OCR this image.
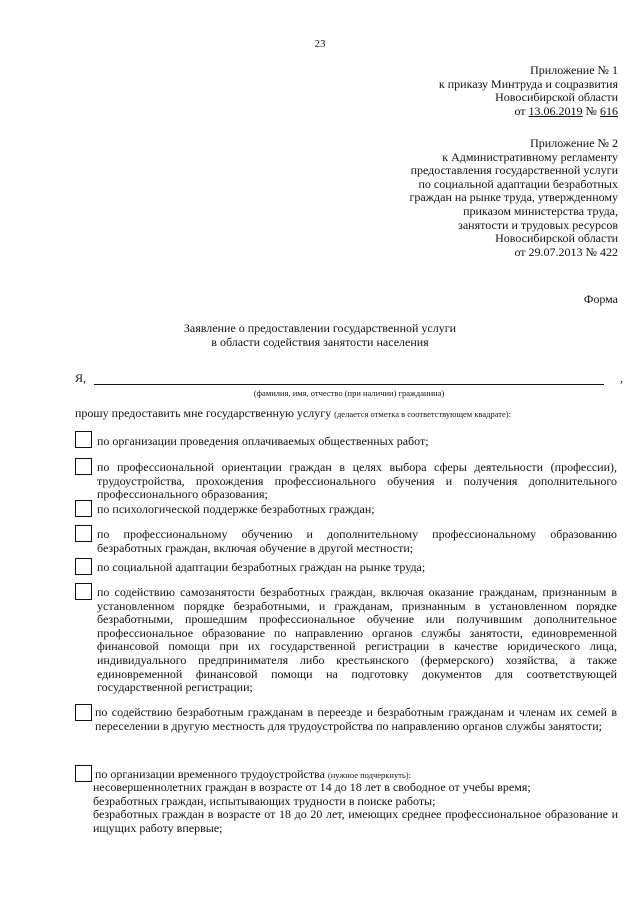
23
Приложение № 1
к приказу Минтруда и соцразвития
Новосибирской области
от 13.06.2019 № 616
Приложение № 2
к Административному регламенту
предоставления государственной услуги
по социальной адаптации безработных
граждан на рынке труда, утвержденному
приказом министерства труда,
занятости и трудовых ресурсов
Новосибирской области
от 29.07.2013 № 422
Форма
Заявление о предоставлении государственной услуги
в области содействия занятости населения
Я,	,
(фамилия, имя, отчество (при наличии) гражданина)
прошу предоставить мне государственную услугу (делается отметка в соответствующем квадрате):
по организации проведения оплачиваемых общественных работ;
по профессиональной ориентации граждан в целях выбора сферы деятельности (профессии), трудоустройства, прохождения профессионального обучения и получения дополнительного профессионального образования;
по психологической поддержке безработных граждан;
по профессиональному обучению и дополнительному профессиональному образованию безработных граждан, включая обучение в другой местности;
по социальной адаптации безработных граждан на рынке труда;
по содействию самозанятости безработных граждан, включая оказание гражданам, признанным в установленном порядке безработными, и гражданам, признанным в установленном порядке безработными, прошедшим профессиональное обучение или получившим дополнительное профессиональное образование по направлению органов службы занятости, единовременной финансовой помощи при их государственной регистрации в качестве юридического лица, индивидуального предпринимателя либо крестьянского (фермерского) хозяйства, а также единовременной финансовой помощи на подготовку документов для соответствующей государственной регистрации;
по содействию безработным гражданам в переезде и безработным гражданам и членам их семей в переселении в другую местность для трудоустройства по направлению органов службы занятости;
по организации временного трудоустройства (нужное подчеркнуть):
несовершеннолетних граждан в возрасте от 14 до 18 лет в свободное от учебы время;
безработных граждан, испытывающих трудности в поиске работы;
безработных граждан в возрасте от 18 до 20 лет, имеющих среднее профессиональное образование и ищущих работу впервые;
